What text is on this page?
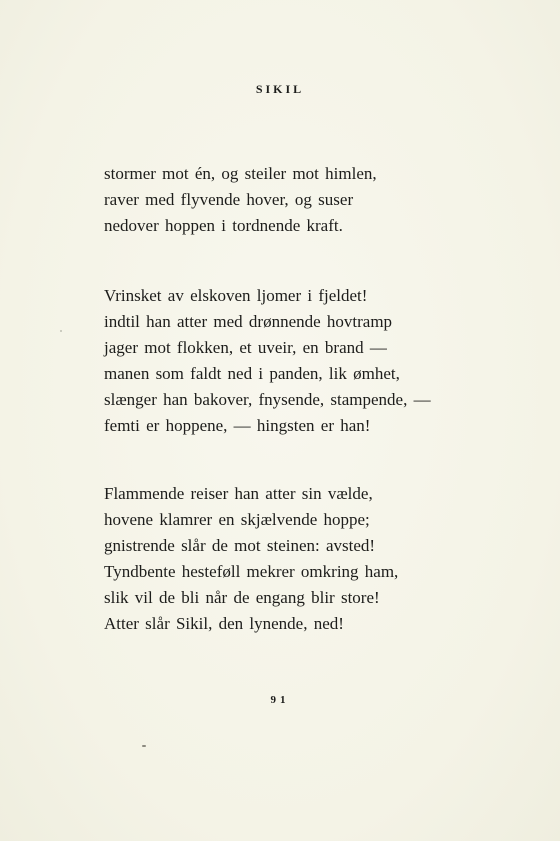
SIKIL
stormer mot én, og steiler mot himlen,
raver med flyvende hover, og suser
nedover hoppen i tordnende kraft.
Vrinsket av elskoven ljomer i fjeldet!
indtil han atter med drønnende hovtramp
jager mot flokken, et uveir, en brand —
manen som faldt ned i panden, lik ømhet,
slænger han bakover, fnysende, stampende, —
femti er hoppene, — hingsten er han!
Flammende reiser han atter sin vælde,
hovene klamrer en skjælvende hoppe;
gnistrende slår de mot steinen: avsted!
Tyndbente hesteføll mekrer omkring ham,
slik vil de bli når de engang blir store!
Atter slår Sikil, den lynende, ned!
91
